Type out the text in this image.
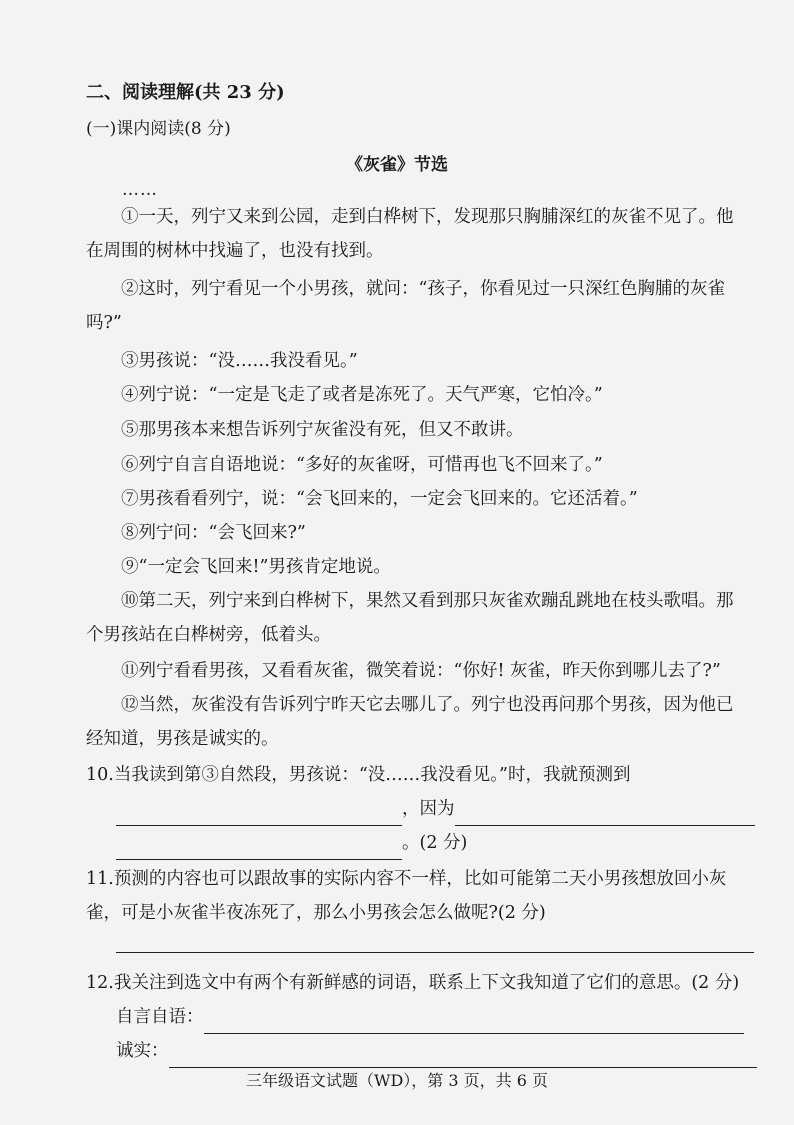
二、阅读理解(共 23 分)
(一)课内阅读(8 分)
《灰雀》节选
……

①一天，列宁又来到公园，走到白桦树下，发现那只胸脯深红的灰雀不见了。他在周围的树林中找遍了，也没有找到。

②这时，列宁看见一个小男孩，就问：“孩子，你看见过一只深红色胸脯的灰雀吗?”

③男孩说：“没……我没看见。”

④列宁说：“一定是飞走了或者是冻死了。天气严寒，它怕冷。”

⑤那男孩本来想告诉列宁灰雀没有死，但又不敢讲。

⑥列宁自言自语地说：“多好的灰雀呀，可惜再也飞不回来了。”

⑦男孩看看列宁，说：“会飞回来的，一定会飞回来的。它还活着。”

⑧列宁问：“会飞回来?”

⑨“一定会飞回来!”男孩肯定地说。

⑩第二天，列宁来到白桦树下，果然又看到那只灰雀欢蹦乱跳地在枝头歌唱。那个男孩站在白桦树旁，低着头。

⑪列宁看看男孩，又看看灰雀，微笑着说：“你好! 灰雀，昨天你到哪儿去了?”

⑫当然，灰雀没有告诉列宁昨天它去哪儿了。列宁也没再问那个男孩，因为他已经知道，男孩是诚实的。

10.当我读到第③自然段，男孩说：“没……我没看见。”时，我就预测到

，因为
。(2 分)

11.预测的内容也可以跟故事的实际内容不一样，比如可能第二天小男孩想放回小灰雀，可是小灰雀半夜冻死了，那么小男孩会怎么做呢?(2 分)

12.我关注到选文中有两个有新鲜感的词语，联系上下文我知道了它们的意思。(2 分)

自言自语：
诚实：
三年级语文试题（WD），第 3 页，共 6 页
